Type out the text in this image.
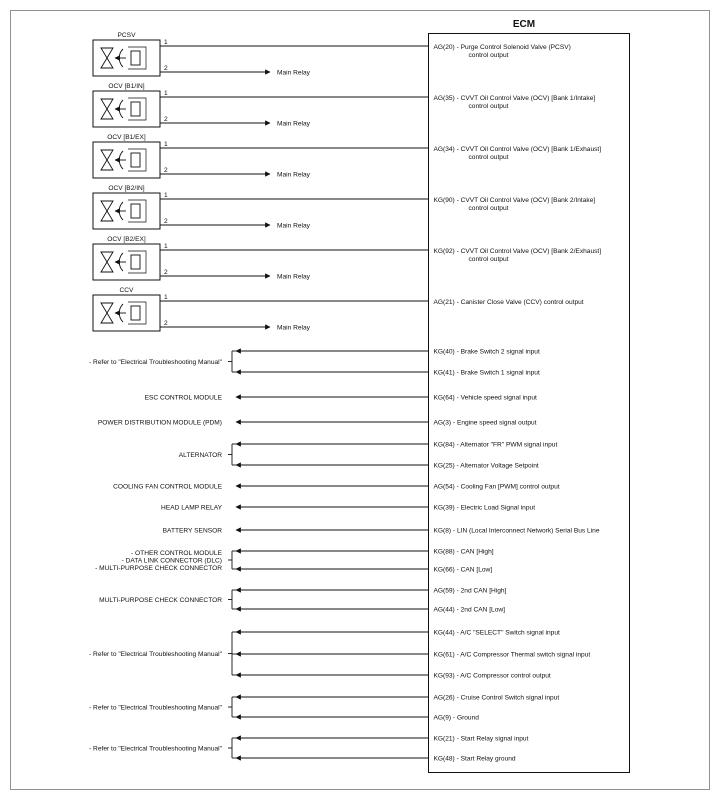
ECM
PCSV
1
AG(20) - Purge Control Solenoid Valve (PCSV)
control output
2
Main Relay
OCV [B1/IN]
1
AG(35) - CVVT Oil Control Valve (OCV) [Bank 1/Intake]
control output
2
Main Relay
OCV [B1/EX]
1
AG(34) - CVVT Oil Control Valve (OCV) [Bank 1/Exhaust]
control output
2
Main Relay
OCV [B2/IN]
1
KG(90) - CVVT Oil Control Valve (OCV) [Bank 2/Intake]
control output
2
Main Relay
OCV [B2/EX]
1
KG(92) - CVVT Oil Control Valve (OCV) [Bank 2/Exhaust]
control output
2
Main Relay
CCV
1
AG(21) - Canister Close Valve (CCV) control output
2
Main Relay
KG(40) - Brake Switch 2 signal input
KG(41) - Brake Switch 1 signal input
- Refer to "Electrical Troubleshooting Manual"
KG(64) - Vehicle speed signal input
ESC CONTROL MODULE
AG(3) - Engine speed signal output
POWER DISTRIBUTION MODULE (PDM)
KG(84) - Alternator "FR" PWM signal input
KG(25) - Alternator Voltage Setpoint
ALTERNATOR
AG(54) - Cooling Fan [PWM] control output
COOLING FAN CONTROL MODULE
KG(39) - Electric Load Signal input
HEAD LAMP RELAY
KG(8) - LIN (Local Interconnect Network) Serial Bus Line
BATTERY SENSOR
KG(88) - CAN [High]
KG(66) - CAN [Low]
- OTHER CONTROL MODULE
- DATA LINK CONNECTOR (DLC)
- MULTI-PURPOSE CHECK CONNECTOR
AG(59) - 2nd CAN [High]
AG(44) - 2nd CAN [Low]
MULTI-PURPOSE CHECK CONNECTOR
KG(44) - A/C "SELECT" Switch signal input
KG(61) - A/C Compressor Thermal switch signal input
KG(93) - A/C Compressor control output
- Refer to "Electrical Troubleshooting Manual"
AG(26) - Cruise Control Switch signal input
AG(9) - Ground
- Refer to "Electrical Troubleshooting Manual"
KG(21) - Start Relay signal input
KG(48) - Start Relay ground
- Refer to "Electrical Troubleshooting Manual"
